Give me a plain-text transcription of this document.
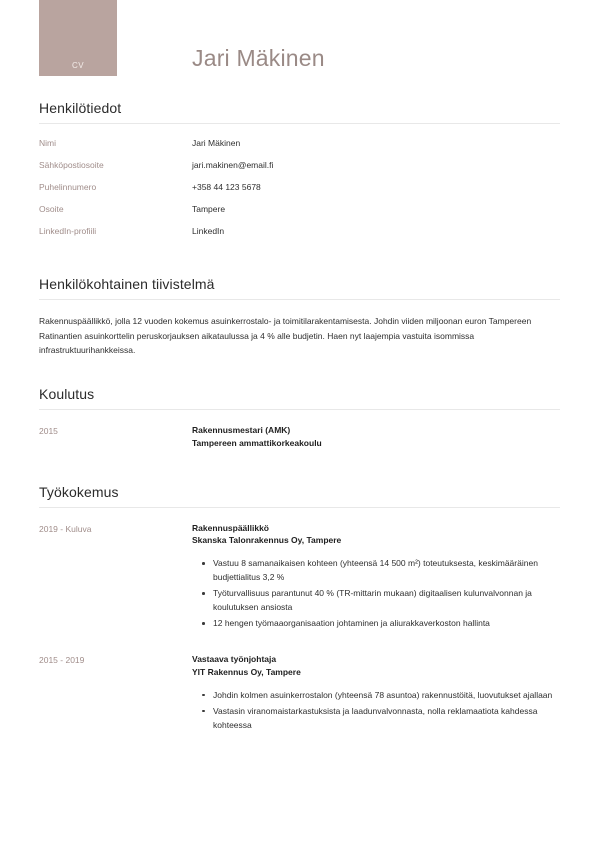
CV	Jari Mäkinen
Henkilötiedot
Nimi	Jari Mäkinen
Sähköpostiosoite	jari.makinen@email.fi
Puhelinnumero	+358 44 123 5678
Osoite	Tampere
LinkedIn-profiili	LinkedIn
Henkilökohtainen tiivistelmä

Rakennuspäällikkö, jolla 12 vuoden kokemus asuinkerrostalo- ja toimitilarakentamisesta. Johdin viiden miljoonan euron Tampereen Ratinantien asuinkorttelin peruskorjauksen aikataulussa ja 4 % alle budjetin. Haen nyt laajempia vastuita isommissa infrastruktuurihankkeissa.

Koulutus
2015	Rakennusmestari (AMK)
Tampereen ammattikorkeakoulu
Työkokemus
2019 - Kuluva	Rakennuspäällikkö
Skanska Talonrakennus Oy, Tampere
Vastuu 8 samanaikaisen kohteen (yhteensä 14 500 m²) toteutuksesta, keskimääräinen budjettialitus 3,2 %
Työturvallisuus parantunut 40 % (TR-mittarin mukaan) digitaalisen kulunvalvonnan ja koulutuksen ansiosta
12 hengen työmaaorganisaation johtaminen ja aliurakkaverkoston hallinta
2015 - 2019	Vastaava työnjohtaja
YIT Rakennus Oy, Tampere
Johdin kolmen asuinkerrostalon (yhteensä 78 asuntoa) rakennustöitä, luovutukset ajallaan
Vastasin viranomaistarkastuksista ja laadunvalvonnasta, nolla reklamaatiota kahdessa kohteessa
